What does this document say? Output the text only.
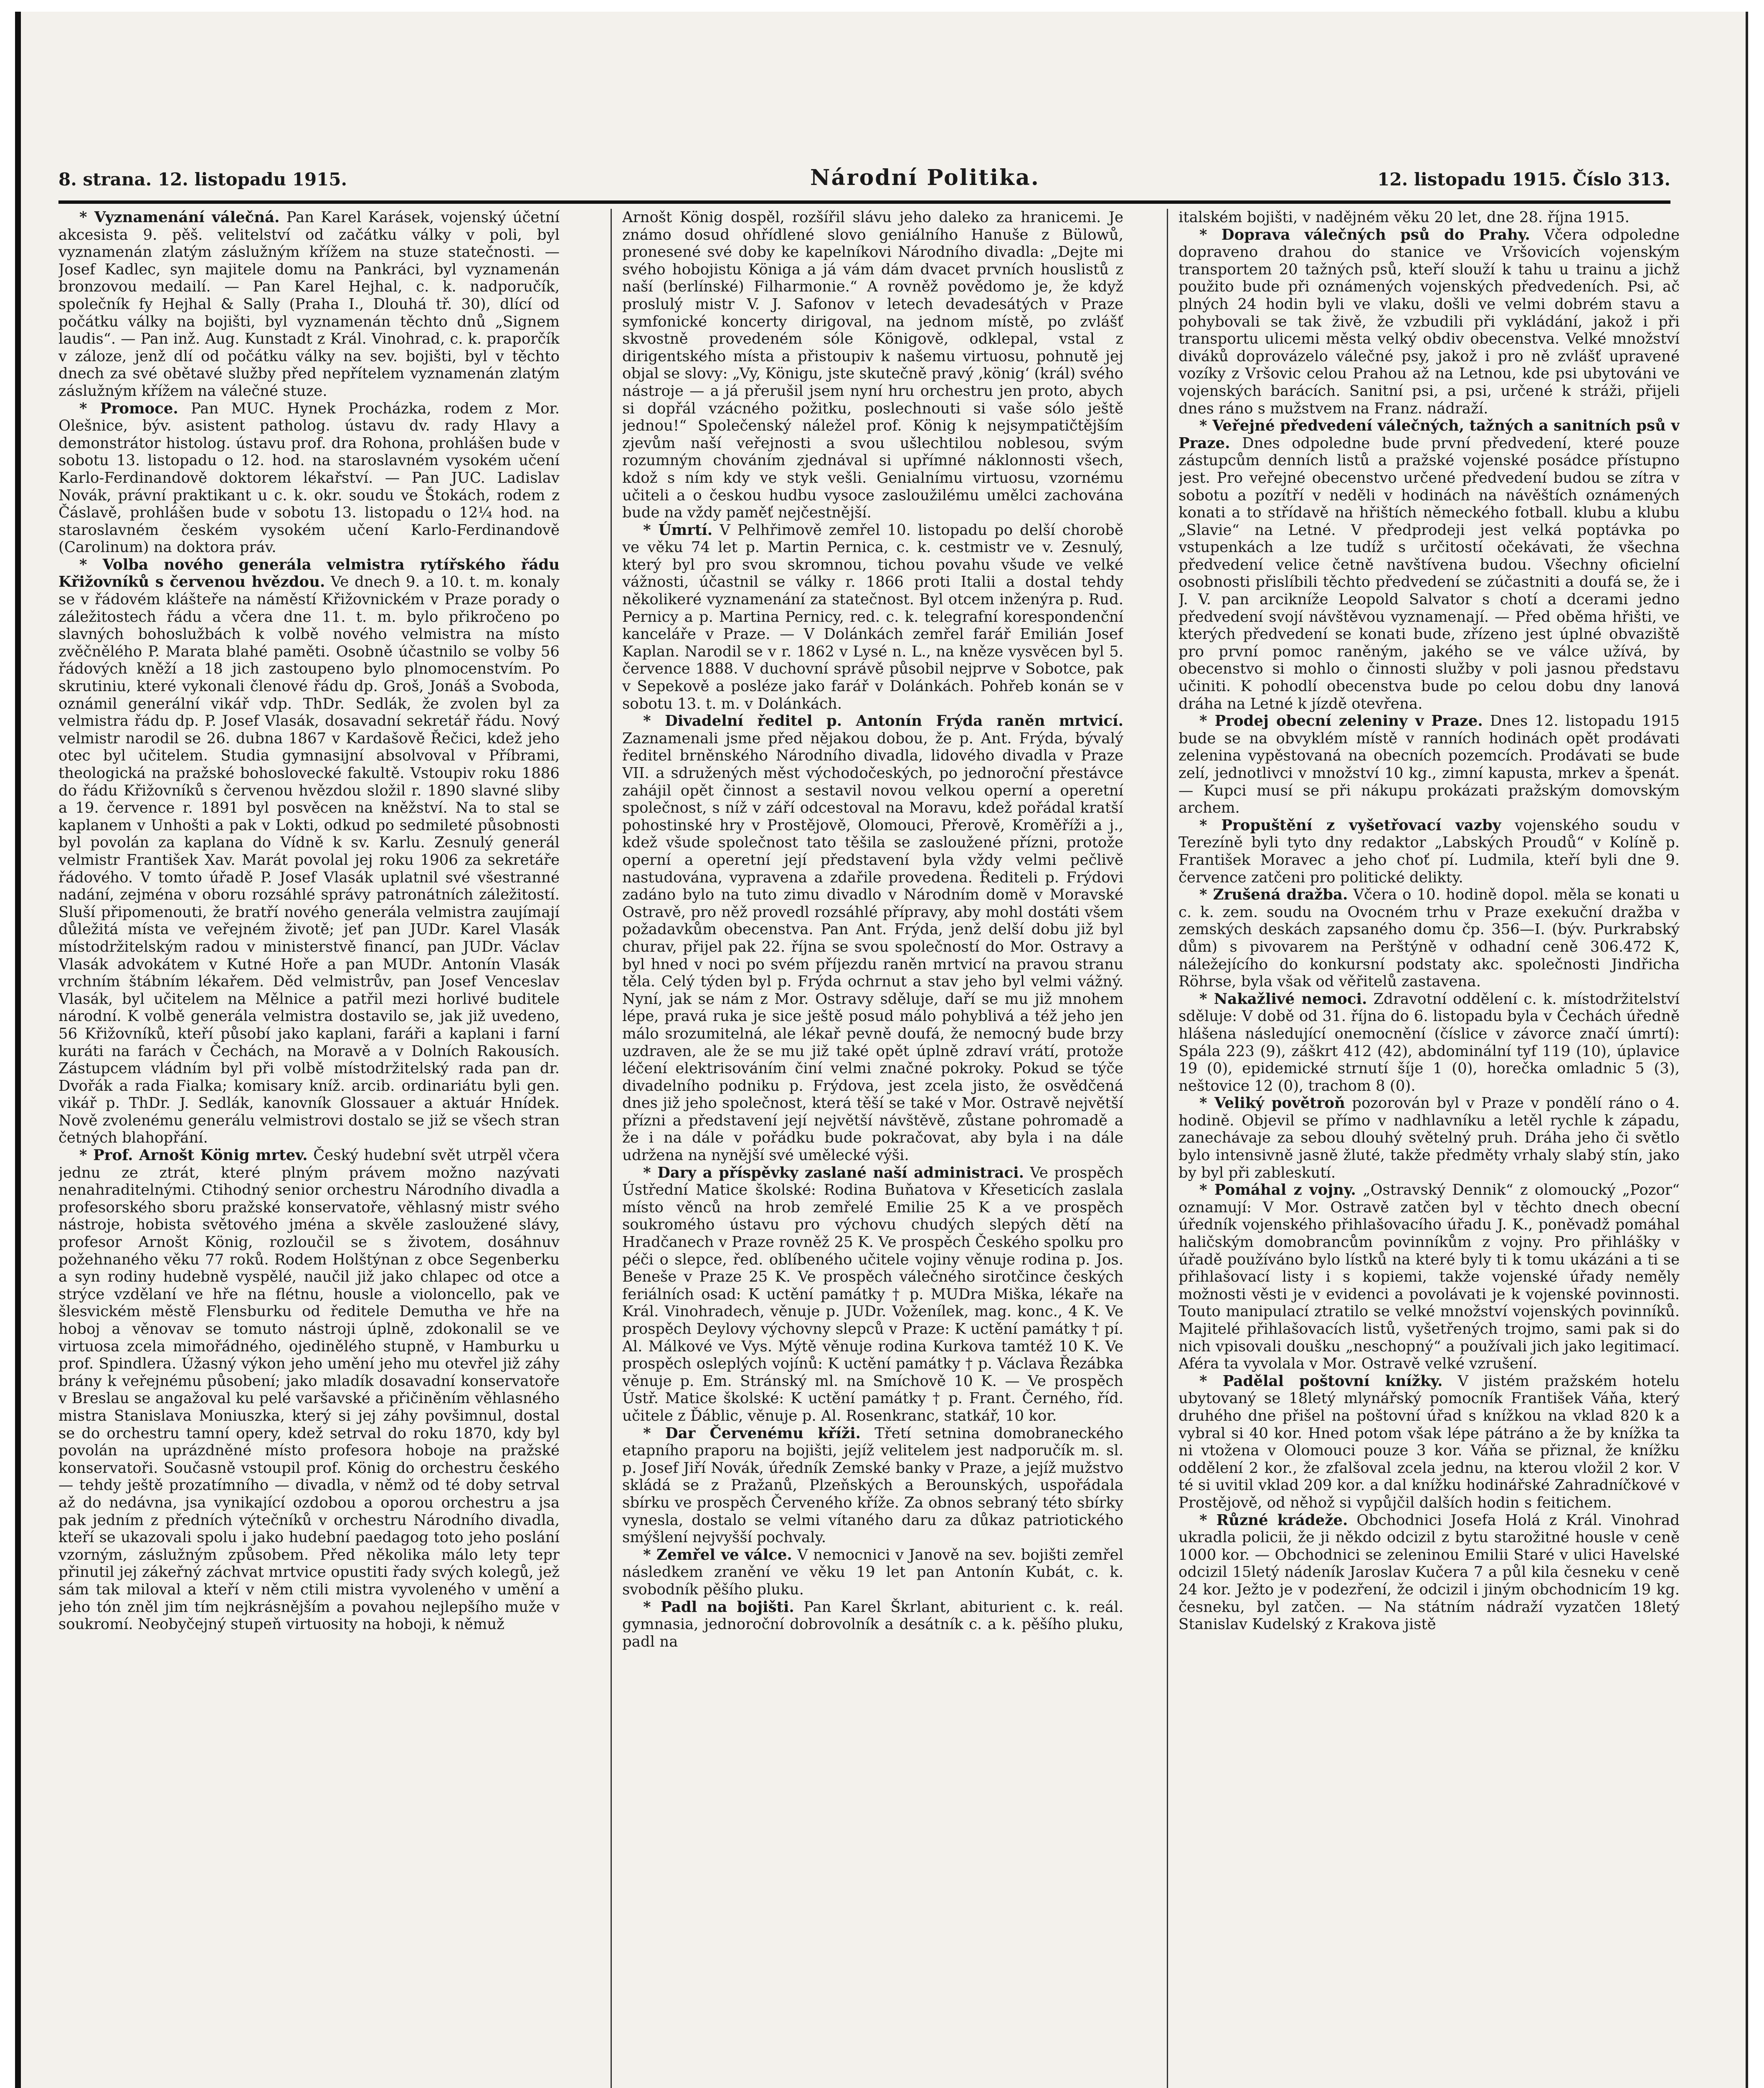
8. strana. 12. listopadu 1915.	Národní Politika.	12. listopadu 1915. Číslo 313.

* Vyznamenání válečná. Pan Karel Karásek, vojenský účetní akcesista 9. pěš. velitelství od začátku války v poli, byl vyznamenán zlatým záslužným křížem na stuze statečnosti. — Josef Kadlec, syn majitele domu na Pankráci, byl vyznamenán bronzovou medailí. — Pan Karel Hejhal, c. k. nadporučík, společník fy Hejhal & Sally (Praha I., Dlouhá tř. 30), dlící od počátku války na bojišti, byl vyznamenán těchto dnů „Signem laudis“. — Pan inž. Aug. Kunstadt z Král. Vinohrad, c. k. praporčík v záloze, jenž dlí od počátku války na sev. bojišti, byl v těchto dnech za své obětavé služby před nepřítelem vyznamenán zlatým záslužným křížem na válečné stuze.

* Promoce. Pan MUC. Hynek Procházka, rodem z Mor. Olešnice, býv. asistent patholog. ústavu dv. rady Hlavy a demonstrátor histolog. ústavu prof. dra Rohona, prohlášen bude v sobotu 13. listopadu o 12. hod. na staroslavném vysokém učení Karlo-Ferdinandově doktorem lékařství. — Pan JUC. Ladislav Novák, právní praktikant u c. k. okr. soudu ve Štokách, rodem z Čáslavě, prohlášen bude v sobotu 13. listopadu o 12¼ hod. na staroslavném českém vysokém učení Karlo-Ferdinandově (Carolinum) na doktora práv.

* Volba nového generála velmistra rytířského řádu Křižovníků s červenou hvězdou. Ve dnech 9. a 10. t. m. konaly se v řádovém klášteře na náměstí Křižovnickém v Praze porady o záležitostech řádu a včera dne 11. t. m. bylo přikročeno po slavných bohoslužbách k volbě nového velmistra na místo zvěčnělého P. Marata blahé paměti. Osobně účastnilo se volby 56 řádových kněží a 18 jich zastoupeno bylo plnomocenstvím. Po skrutiniu, které vykonali členové řádu dp. Groš, Jonáš a Svoboda, oznámil generální vikář vdp. ThDr. Sedlák, že zvolen byl za velmistra řádu dp. P. Josef Vlasák, dosavadní sekretář řádu. Nový velmistr narodil se 26. dubna 1867 v Kardašově Řečici, kdež jeho otec byl učitelem. Studia gymnasijní absolvoval v Příbrami, theologická na pražské bohoslovecké fakultě. Vstoupiv roku 1886 do řádu Křižovníků s červenou hvězdou složil r. 1890 slavné sliby a 19. července r. 1891 byl posvěcen na kněžství. Na to stal se kaplanem v Unhošti a pak v Lokti, odkud po sedmileté působnosti byl povolán za kaplana do Vídně k sv. Karlu. Zesnulý generál velmistr František Xav. Marát povolal jej roku 1906 za sekretáře řádového. V tomto úřadě P. Josef Vlasák uplatnil své všestranné nadání, zejména v oboru rozsáhlé správy patronátních záležitostí. Sluší připomenouti, že bratří nového generála velmistra zaujímají důležitá místa ve veřejném životě; jeť pan JUDr. Karel Vlasák místodržitelským radou v ministerstvě financí, pan JUDr. Václav Vlasák advokátem v Kutné Hoře a pan MUDr. Antonín Vlasák vrchním štábním lékařem. Děd velmistrův, pan Josef Venceslav Vlasák, byl učitelem na Mělnice a patřil mezi horlivé buditele národní. K volbě generála velmistra dostavilo se, jak již uvedeno, 56 Křižovníků, kteří působí jako kaplani, faráři a kaplani i farní kuráti na farách v Čechách, na Moravě a v Dolních Rakousích. Zástupcem vládním byl při volbě místodržitelský rada pan dr. Dvořák a rada Fialka; komisary kníž. arcib. ordinariátu byli gen. vikář p. ThDr. J. Sedlák, kanovník Glossauer a aktuár Hnídek. Nově zvolenému generálu velmistrovi dostalo se již se všech stran četných blahopřání.

* Prof. Arnošt König mrtev. Český hudební svět utrpěl včera jednu ze ztrát, které plným právem možno nazývati nenahraditelnými. Ctihodný senior orchestru Národního divadla a profesorského sboru pražské konservatoře, věhlasný mistr svého nástroje, hobista světového jména a skvěle zasloužené slávy, profesor Arnošt König, rozloučil se s životem, dosáhnuv požehnaného věku 77 roků. Rodem Holštýnan z obce Segenberku a syn rodiny hudebně vyspělé, naučil již jako chlapec od otce a strýce vzdělaní ve hře na flétnu, housle a violoncello, pak ve šlesvickém městě Flensburku od ředitele Demutha ve hře na hoboj a věnovav se tomuto nástroji úplně, zdokonalil se ve virtuosa zcela mimořádného, ojedinělého stupně, v Hamburku u prof. Spindlera. Úžasný výkon jeho umění jeho mu otevřel již záhy brány k veřejnému působení; jako mladík dosavadní konservatoře v Breslau se angažoval ku pelé varšavské a přičiněním věhlasného mistra Stanislava Moniuszka, který si jej záhy povšimnul, dostal se do orchestru tamní opery, kdež setrval do roku 1870, kdy byl povolán na uprázdněné místo profesora hoboje na pražské konservatoři. Současně vstoupil prof. König do orchestru českého — tehdy ještě prozatímního — divadla, v němž od té doby setrval až do nedávna, jsa vynikající ozdobou a oporou orchestru a jsa pak jedním z předních výtečníků v orchestru Národního divadla, kteří se ukazovali spolu i jako hudební paedagog toto jeho poslání vzorným, záslužným způsobem. Před několika málo lety tepr přinutil jej zákeřný záchvat mrtvice opustiti řady svých kolegů, jež sám tak miloval a kteří v něm ctili mistra vyvoleného v umění a jeho tón zněl jim tím nejkrásnějším a povahou nejlepšího muže v soukromí. Neobyčejný stupeň virtuosity na hoboji, k němuž

Arnošt König dospěl, rozšířil slávu jeho daleko za hranicemi. Je známo dosud ohřídlené slovo geniálního Hanuše z Bülowů, pronesené své doby ke kapelníkovi Národního divadla: „Dejte mi svého hobojistu Königa a já vám dám dvacet prvních houslistů z naší (berlínské) Filharmonie.“ A rovněž povědomo je, že když proslulý mistr V. J. Safonov v letech devadesátých v Praze symfonické koncerty dirigoval, na jednom místě, po zvlášť skvostně provedeném sóle Königově, odklepal, vstal z dirigentského místa a přistoupiv k našemu virtuosu, pohnutě jej objal se slovy: „Vy, Königu, jste skutečně pravý ‚könig‘ (král) svého nástroje — a já přerušil jsem nyní hru orchestru jen proto, abych si dopřál vzácného požitku, poslechnouti si vaše sólo ještě jednou!“ Společenský náležel prof. König k nejsympatičtějším zjevům naší veřejnosti a svou ušlechtilou noblesou, svým rozumným chováním zjednával si upřímné náklonnosti všech, kdož s ním kdy ve styk vešli. Genialnímu virtuosu, vzornému učiteli a o českou hudbu vysoce zasloužilému umělci zachována bude na vždy paměť nejčestnější.

* Úmrtí. V Pelhřimově zemřel 10. listopadu po delší chorobě ve věku 74 let p. Martin Pernica, c. k. cestmistr ve v. Zesnulý, který byl pro svou skromnou, tichou povahu všude ve velké vážnosti, účastnil se války r. 1866 proti Italii a dostal tehdy několikeré vyznamenání za statečnost. Byl otcem inženýra p. Rud. Pernicy a p. Martina Pernicy, red. c. k. telegrafní korespondenční kanceláře v Praze. — V Dolánkách zemřel farář Emilián Josef Kaplan. Narodil se v r. 1862 v Lysé n. L., na kněze vysvěcen byl 5. července 1888. V duchovní správě působil nejprve v Sobotce, pak v Sepekově a posléze jako farář v Dolánkách. Pohřeb konán se v sobotu 13. t. m. v Dolánkách.

* Divadelní ředitel p. Antonín Frýda raněn mrtvicí. Zaznamenali jsme před nějakou dobou, že p. Ant. Frýda, bývalý ředitel brněnského Národního divadla, lidového divadla v Praze VII. a sdružených měst východočeských, po jednoroční přestávce zahájil opět činnost a sestavil novou velkou operní a operetní společnost, s níž v září odcestoval na Moravu, kdež pořádal kratší pohostinské hry v Prostějově, Olomouci, Přerově, Kroměříži a j., kdež všude společnost tato těšila se zasloužené přízni, protože operní a operetní její představení byla vždy velmi pečlivě nastudována, vypravena a zdařile provedena. Řediteli p. Frýdovi zadáno bylo na tuto zimu divadlo v Národním domě v Moravské Ostravě, pro něž provedl rozsáhlé přípravy, aby mohl dostáti všem požadavkům obecenstva. Pan Ant. Frýda, jenž delší dobu již byl churav, přijel pak 22. října se svou společností do Mor. Ostravy a byl hned v noci po svém příjezdu raněn mrtvicí na pravou stranu těla. Celý týden byl p. Frýda ochrnut a stav jeho byl velmi vážný. Nyní, jak se nám z Mor. Ostravy sděluje, daří se mu již mnohem lépe, pravá ruka je sice ještě posud málo pohyblivá a též jeho jen málo srozumitelná, ale lékař pevně doufá, že nemocný bude brzy uzdraven, ale že se mu již také opět úplně zdraví vrátí, protože léčení elektrisováním činí velmi značné pokroky. Pokud se týče divadelního podniku p. Frýdova, jest zcela jisto, že osvědčená dnes již jeho společnost, která těší se také v Mor. Ostravě největší přízni a představení její největší návštěvě, zůstane pohromadě a že i na dále v pořádku bude pokračovat, aby byla i na dále udržena na nynější své umělecké výši.

* Dary a příspěvky zaslané naší administraci. Ve prospěch Ústřední Matice školské: Rodina Buňatova v Křeseticích zaslala místo věnců na hrob zemřelé Emilie 25 K a ve prospěch soukromého ústavu pro výchovu chudých slepých dětí na Hradčanech v Praze rovněž 25 K. Ve prospěch Českého spolku pro péči o slepce, řed. oblíbeného učitele vojiny věnuje rodina p. Jos. Beneše v Praze 25 K. Ve prospěch válečného sirotčince českých feriálních osad: K uctění památky † p. MUDra Miška, lékaře na Král. Vinohradech, věnuje p. JUDr. Voženílek, mag. konc., 4 K. Ve prospěch Deylovy výchovny slepců v Praze: K uctění památky † pí. Al. Málkové ve Vys. Mýtě věnuje rodina Kurkova tamtéž 10 K. Ve prospěch osleplých vojínů: K uctění památky † p. Václava Řezábka věnuje p. Em. Stránský ml. na Smíchově 10 K. — Ve prospěch Ústř. Matice školské: K uctění památky † p. Frant. Černého, říd. učitele z Ďáblic, věnuje p. Al. Rosenkranc, statkář, 10 kor.

* Dar Červenému kříži. Třetí setnina domobraneckého etapního praporu na bojišti, jejíž velitelem jest nadporučík m. sl. p. Josef Jiří Novák, úředník Zemské banky v Praze, a jejíž mužstvo skládá se z Pražanů, Plzeňských a Berounských, uspořádala sbírku ve prospěch Červeného kříže. Za obnos sebraný této sbírky vynesla, dostalo se velmi vítaného daru za důkaz patriotického smýšlení nejvyšší pochvaly.

* Zemřel ve válce. V nemocnici v Janově na sev. bojišti zemřel následkem zranění ve věku 19 let pan Antonín Kubát, c. k. svobodník pěšího pluku.

* Padl na bojišti. Pan Karel Škrlant, abiturient c. k. reál. gymnasia, jednoroční dobrovolník a desátník c. a k. pěšího pluku, padl na

italském bojišti, v nadějném věku 20 let, dne 28. října 1915.

* Doprava válečných psů do Prahy. Včera odpoledne dopraveno drahou do stanice ve Vršovicích vojenským transportem 20 tažných psů, kteří slouží k tahu u trainu a jichž použito bude při oznámených vojenských předvedeních. Psi, ač plných 24 hodin byli ve vlaku, došli ve velmi dobrém stavu a pohybovali se tak živě, že vzbudili při vykládání, jakož i při transportu ulicemi města velký obdiv obecenstva. Velké množství diváků doprovázelo válečné psy, jakož i pro ně zvlášť upravené vozíky z Vršovic celou Prahou až na Letnou, kde psi ubytováni ve vojenských barácích. Sanitní psi, a psi, určené k stráži, přijeli dnes ráno s mužstvem na Franz. nádraží.

* Veřejné předvedení válečných, tažných a sanitních psů v Praze. Dnes odpoledne bude první předvedení, které pouze zástupcům denních listů a pražské vojenské posádce přístupno jest. Pro veřejné obecenstvo určené předvedení budou se zítra v sobotu a pozítří v neděli v hodinách na návěštích oznámených konati a to střídavě na hřištích německého fotball. klubu a klubu „Slavie“ na Letné. V předprodeji jest velká poptávka po vstupenkách a lze tudíž s určitostí očekávati, že všechna předvedení velice četně navštívena budou. Všechny oficielní osobnosti přislíbili těchto předvedení se zúčastniti a doufá se, že i J. V. pan arcikníže Leopold Salvator s chotí a dcerami jedno předvedení svojí návštěvou vyznamenají. — Před oběma hřišti, ve kterých předvedení se konati bude, zřízeno jest úplné obvaziště pro první pomoc raněným, jakého se ve válce užívá, by obecenstvo si mohlo o činnosti služby v poli jasnou představu učiniti. K pohodlí obecenstva bude po celou dobu dny lanová dráha na Letné k jízdě otevřena.

* Prodej obecní zeleniny v Praze. Dnes 12. listopadu 1915 bude se na obvyklém místě v ranních hodinách opět prodávati zelenina vypěstovaná na obecních pozemcích. Prodávati se bude zelí, jednotlivci v množství 10 kg., zimní kapusta, mrkev a špenát. — Kupci musí se při nákupu prokázati pražským domovským archem.

* Propuštění z vyšetřovací vazby vojenského soudu v Terezíně byli tyto dny redaktor „Labských Proudů“ v Kolíně p. František Moravec a jeho choť pí. Ludmila, kteří byli dne 9. července zatčeni pro politické delikty.

* Zrušená dražba. Včera o 10. hodině dopol. měla se konati u c. k. zem. soudu na Ovocném trhu v Praze exekuční dražba v zemských deskách zapsaného domu čp. 356—I. (býv. Purkrabský dům) s pivovarem na Perštýně v odhadní ceně 306.472 K, náležejícího do konkursní podstaty akc. společnosti Jindřicha Röhrse, byla však od věřitelů zastavena.

* Nakažlivé nemoci. Zdravotní oddělení c. k. místodržitelství sděluje: V době od 31. října do 6. listopadu byla v Čechách úředně hlášena následující onemocnění (číslice v závorce značí úmrtí): Spála 223 (9), záškrt 412 (42), abdominální tyf 119 (10), úplavice 19 (0), epidemické strnutí šíje 1 (0), horečka omladnic 5 (3), neštovice 12 (0), trachom 8 (0).

* Veliký povětroň pozorován byl v Praze v pondělí ráno o 4. hodině. Objevil se přímo v nadhlavníku a letěl rychle k západu, zanechávaje za sebou dlouhý světelný pruh. Dráha jeho či světlo bylo intensivně jasně žluté, takže předměty vrhaly slabý stín, jako by byl při zableskutí.

* Pomáhal z vojny. „Ostravský Dennik“ z olomoucký „Pozor“ oznamují: V Mor. Ostravě zatčen byl v těchto dnech obecní úředník vojenského přihlašovacího úřadu J. K., poněvadž pomáhal haličským domobrancům povinníkům z vojny. Pro přihlášky v úřadě používáno bylo lístků na které byly ti k tomu ukázáni a ti se přihlašovací listy i s kopiemi, takže vojenské úřady neměly možnosti věsti je v evidenci a povolávati je k vojenské povinnosti. Touto manipulací ztratilo se velké množství vojenských povinníků. Majitelé přihlašovacích listů, vyšetřených trojmo, sami pak si do nich vpisovali doušku „neschopný“ a používali jich jako legitimací. Aféra ta vyvolala v Mor. Ostravě velké vzrušení.

* Padělal poštovní knížky. V jistém pražském hotelu ubytovaný se 18letý mlynářský pomocník František Váňa, který druhého dne přišel na poštovní úřad s knížkou na vklad 820 k a vybral si 40 kor. Hned potom však lépe pátráno a že by knížka ta ni vtožena v Olomouci pouze 3 kor. Váňa se přiznal, že knížku oddělení 2 kor., že zfalšoval zcela jednu, na kterou vložil 2 kor. V té si uvitil vklad 209 kor. a dal knížku hodinářské Zahradníčkové v Prostějově, od něhož si vypůjčil dalších hodin s feitichem.

* Různé krádeže. Obchodnici Josefa Holá z Král. Vinohrad ukradla policii, že ji někdo odcizil z bytu starožitné housle v ceně 1000 kor. — Obchodnici se zeleninou Emilii Staré v ulici Havelské odcizil 15letý nádeník Jaroslav Kučera 7 a půl kila česneku v ceně 24 kor. Ježto je v podezření, že odcizil i jiným obchodnicím 19 kg. česneku, byl zatčen. — Na státním nádraží vyzatčen 18letý Stanislav Kudelský z Krakova jistě
